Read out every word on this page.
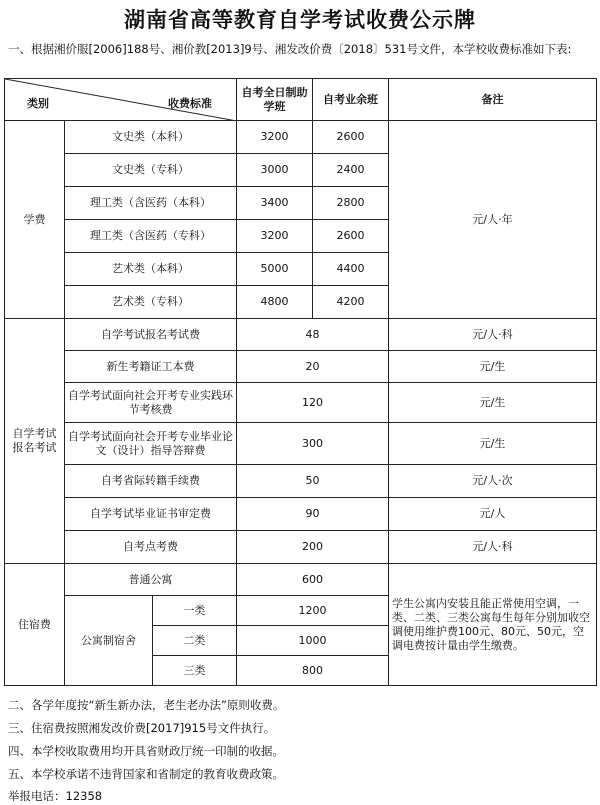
湖南省高等教育自学考试收费公示牌
一、根据湘价服[2006]188号、湘价教[2013]9号、湘发改价费〔2018〕531号文件，本学校收费标准如下表:
类别 收费标准			自考全日制助学班	自考业余班	备注
学费	文史类（本科）		3200	2600	元/人·年
	文史类（专科）		3000	2400	
	理工类（含医药（本科）		3400	2800	
	理工类（含医药（专科）		3200	2600	
	艺术类（本科）		5000	4400	
	艺术类（专科）		4800	4200	
自学考试报名考试	自学考试报名考试费		48		元/人·科
	新生考籍证工本费		20		元/生
	自学考试面向社会开考专业实践环节考核费		120		元/生
	自学考试面向社会开考专业毕业论文（设计）指导答辩费		300		元/生
	自考省际转籍手续费		50		元/人·次
	自学考试毕业证书审定费		90		元/人
	自考点考费		200		元/人·科
住宿费	普通公寓		600		学生公寓内安装且能正常使用空调，一类、二类、三类公寓每生每年分别加收空调使用维护费100元、80元、50元，空调电费按计量由学生缴费。
	公寓制宿舍	一类	1200		
		二类	1000		
		三类	800		
二、各学年度按“新生新办法，老生老办法”原则收费。
三、住宿费按照湘发改价费[2017]915号文件执行。
四、本学校收取费用均开具省财政厅统一印制的收据。
五、本学校承诺不违背国家和省制定的教育收费政策。
举报电话：12358
